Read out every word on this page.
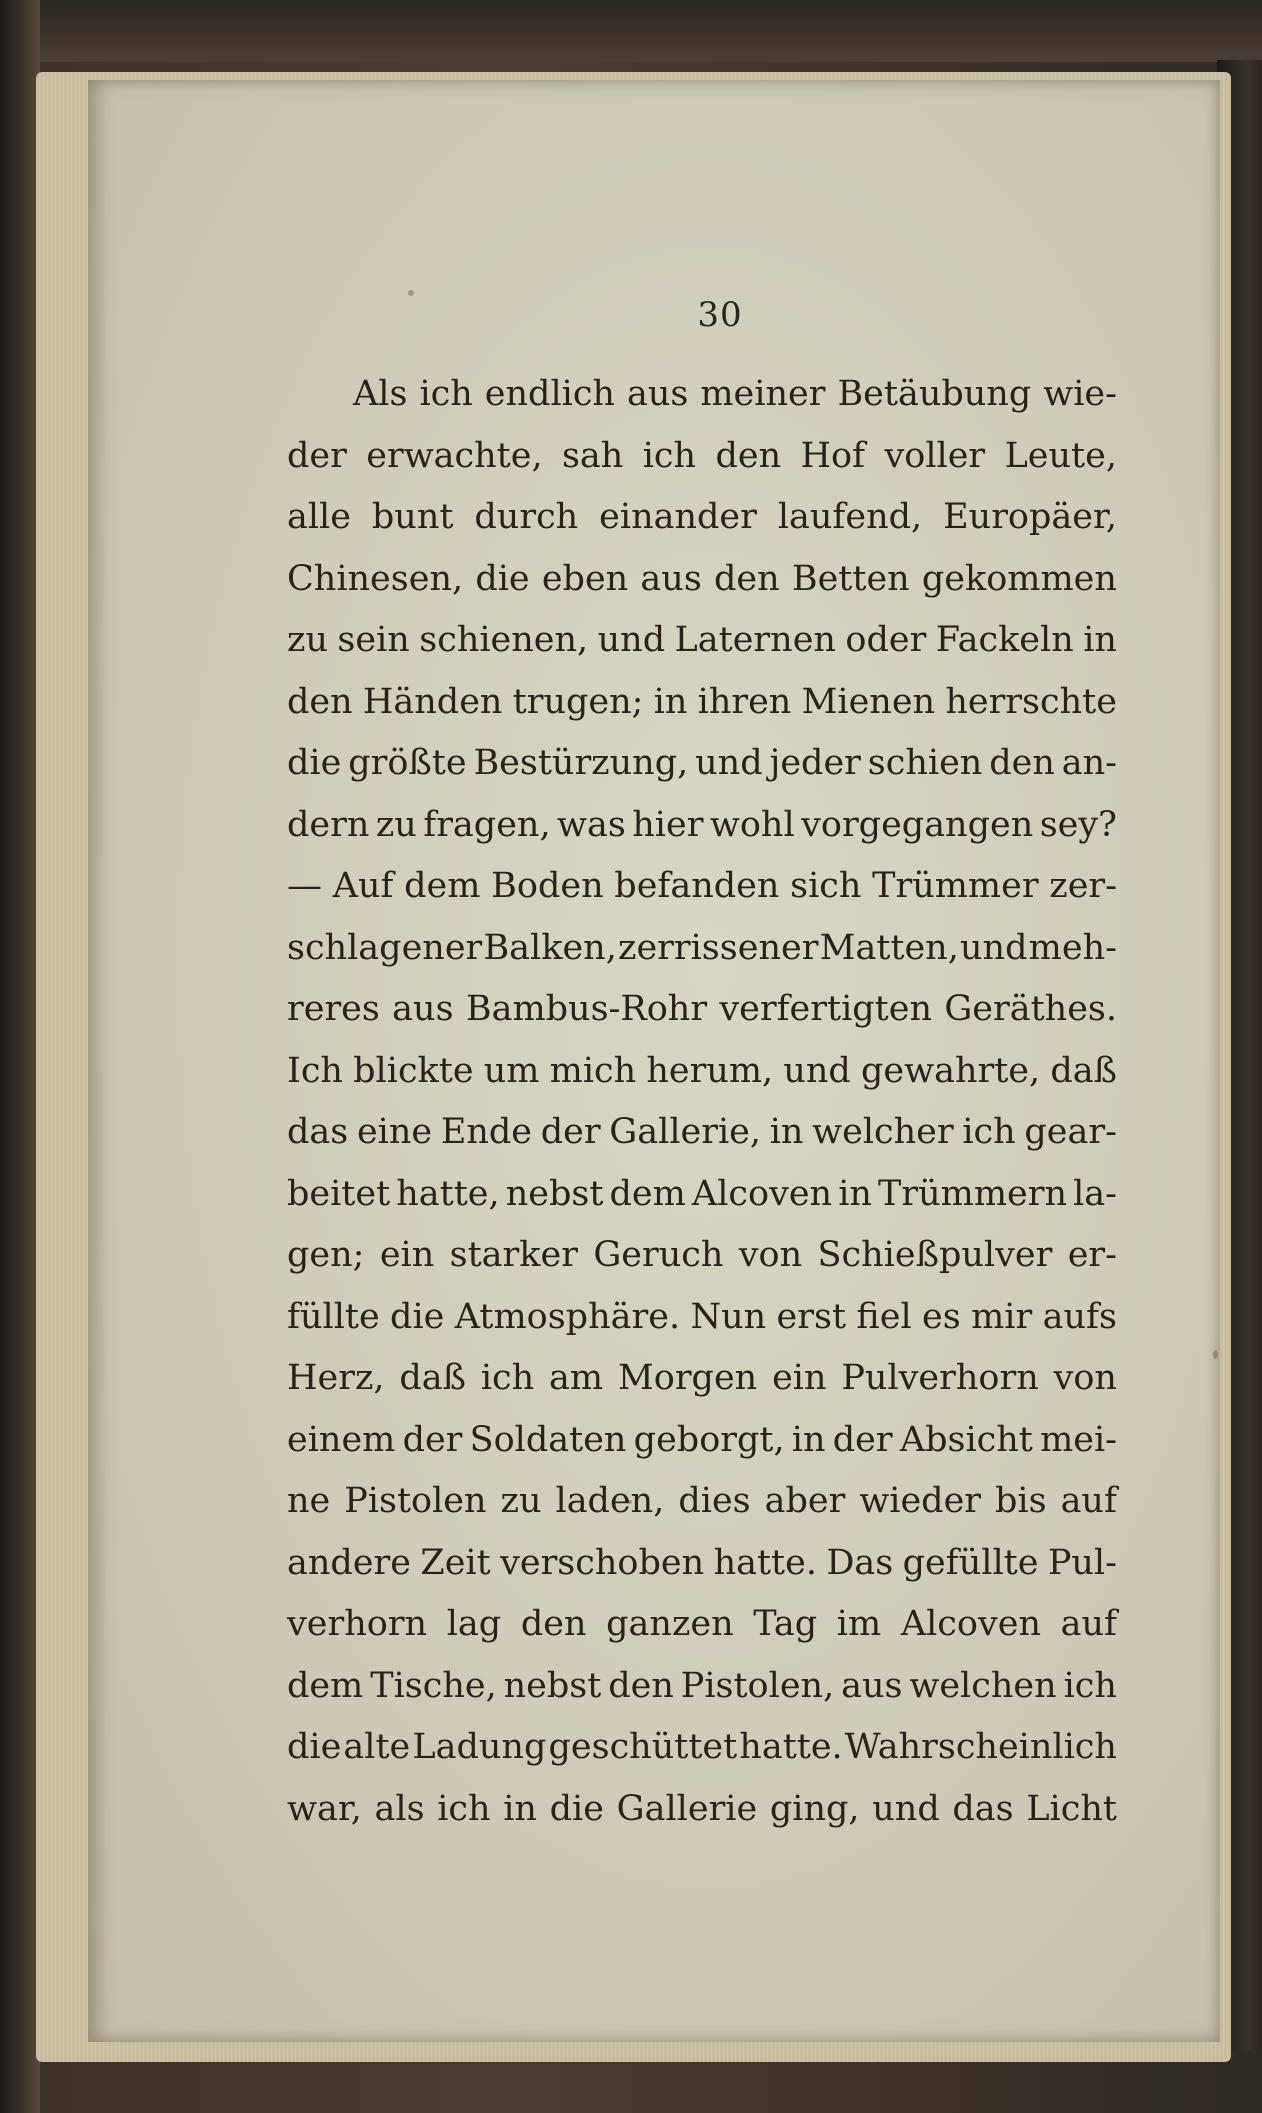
30
Als ich endlich aus meiner Betäubung wie-
der erwachte, sah ich den Hof voller Leute,
alle bunt durch einander laufend, Europäer,
Chinesen, die eben aus den Betten gekommen
zu sein schienen, und Laternen oder Fackeln in
den Händen trugen; in ihren Mienen herrschte
die größte Bestürzung, und jeder schien den an-
dern zu fragen, was hier wohl vorgegangen sey?
— Auf dem Boden befanden sich Trümmer zer-
schlagener Balken, zerrissener Matten, und meh-
reres aus Bambus-Rohr verfertigten Geräthes.
Ich blickte um mich herum, und gewahrte, daß
das eine Ende der Gallerie, in welcher ich gear-
beitet hatte, nebst dem Alcoven in Trümmern la-
gen; ein starker Geruch von Schießpulver er-
füllte die Atmosphäre. Nun erst fiel es mir aufs
Herz, daß ich am Morgen ein Pulverhorn von
einem der Soldaten geborgt, in der Absicht mei-
ne Pistolen zu laden, dies aber wieder bis auf
andere Zeit verschoben hatte. Das gefüllte Pul-
verhorn lag den ganzen Tag im Alcoven auf
dem Tische, nebst den Pistolen, aus welchen ich
die alte Ladung geschüttet hatte. Wahrscheinlich
war, als ich in die Gallerie ging, und das Licht
